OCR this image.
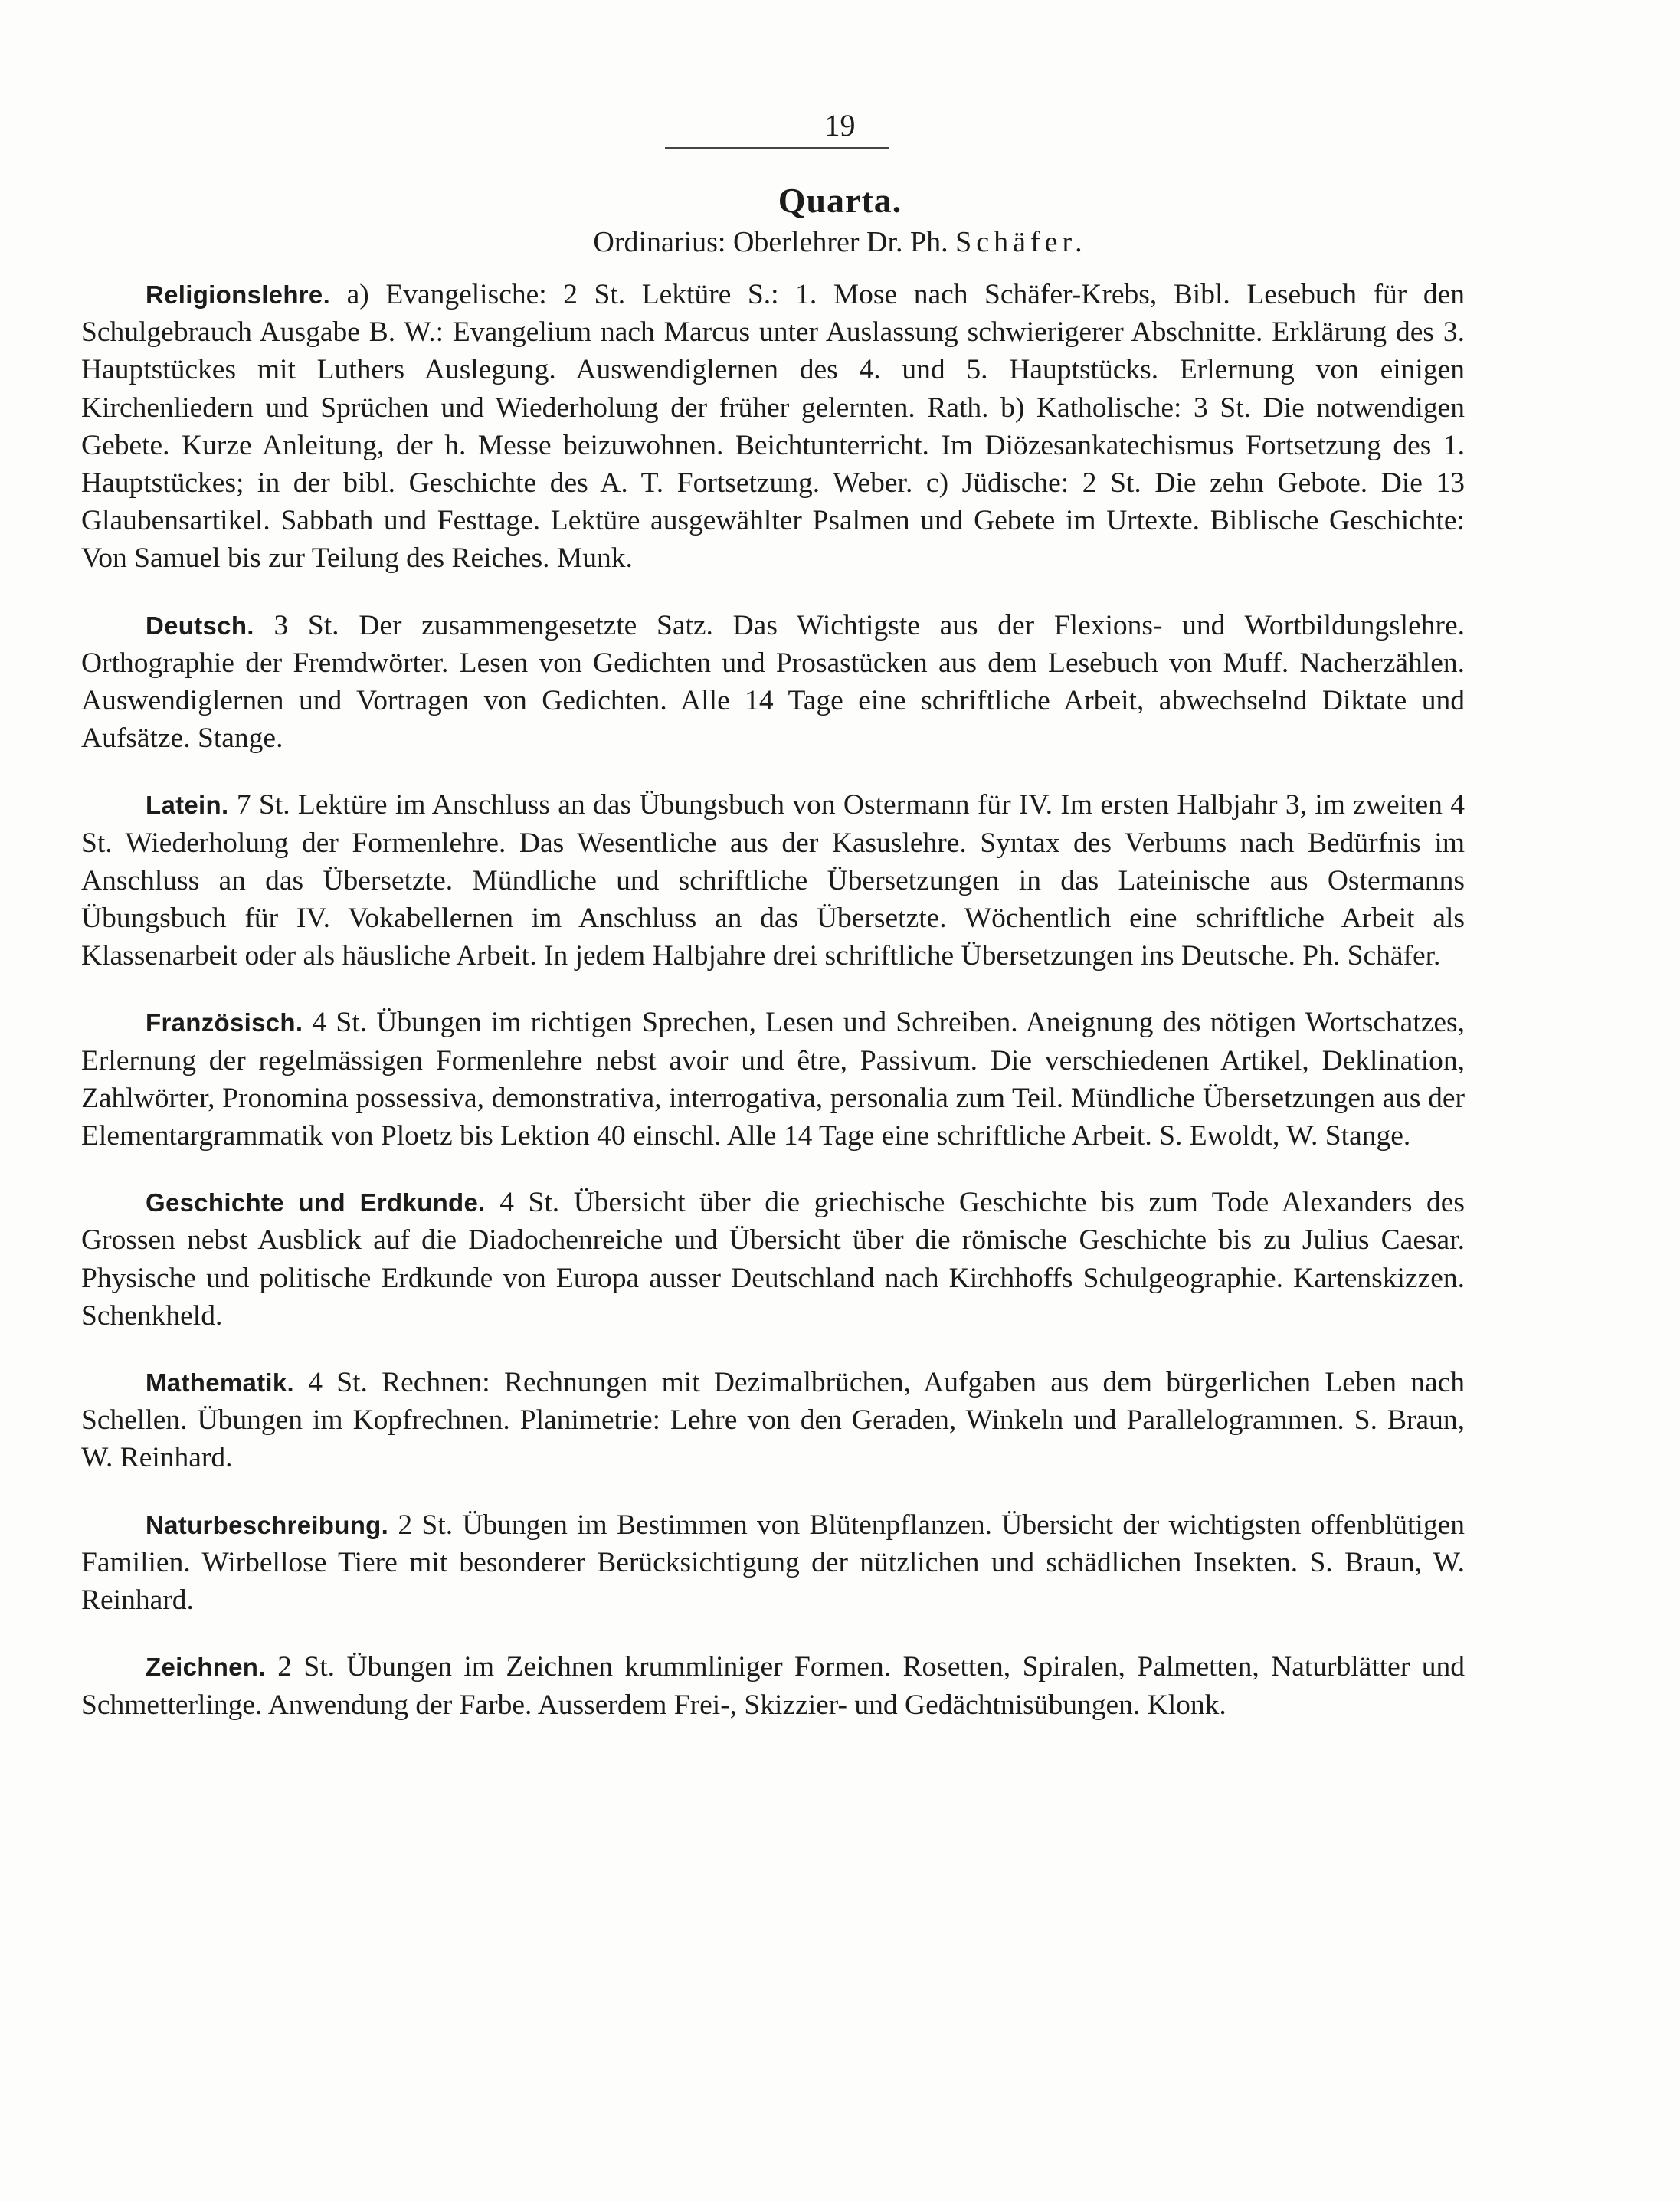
19
Quarta.
Ordinarius: Oberlehrer Dr. Ph. Schäfer.

Religionslehre. a) Evangelische: 2 St. Lektüre S.: 1. Mose nach Schäfer-Krebs, Bibl. Lesebuch für den Schulgebrauch Ausgabe B. W.: Evangelium nach Marcus unter Auslassung schwierigerer Abschnitte. Erklärung des 3. Hauptstückes mit Luthers Auslegung. Auswendiglernen des 4. und 5. Hauptstücks. Erlernung von einigen Kirchenliedern und Sprüchen und Wiederholung der früher gelernten. Rath. b) Katholische: 3 St. Die notwendigen Gebete. Kurze Anleitung, der h. Messe beizuwohnen. Beichtunterricht. Im Diözesankatechismus Fortsetzung des 1. Hauptstückes; in der bibl. Geschichte des A. T. Fortsetzung. Weber. c) Jüdische: 2 St. Die zehn Gebote. Die 13 Glaubensartikel. Sabbath und Festtage. Lektüre ausgewählter Psalmen und Gebete im Urtexte. Biblische Geschichte: Von Samuel bis zur Teilung des Reiches. Munk.

Deutsch. 3 St. Der zusammengesetzte Satz. Das Wichtigste aus der Flexions- und Wortbildungslehre. Orthographie der Fremdwörter. Lesen von Gedichten und Prosastücken aus dem Lesebuch von Muff. Nacherzählen. Auswendiglernen und Vortragen von Gedichten. Alle 14 Tage eine schriftliche Arbeit, abwechselnd Diktate und Aufsätze. Stange.

Latein. 7 St. Lektüre im Anschluss an das Übungsbuch von Ostermann für IV. Im ersten Halbjahr 3, im zweiten 4 St. Wiederholung der Formenlehre. Das Wesentliche aus der Kasuslehre. Syntax des Verbums nach Bedürfnis im Anschluss an das Übersetzte. Mündliche und schriftliche Übersetzungen in das Lateinische aus Ostermanns Übungsbuch für IV. Vokabellernen im Anschluss an das Übersetzte. Wöchentlich eine schriftliche Arbeit als Klassenarbeit oder als häusliche Arbeit. In jedem Halbjahre drei schriftliche Übersetzungen ins Deutsche. Ph. Schäfer.

Französisch. 4 St. Übungen im richtigen Sprechen, Lesen und Schreiben. Aneignung des nötigen Wortschatzes, Erlernung der regelmässigen Formenlehre nebst avoir und être, Passivum. Die verschiedenen Artikel, Deklination, Zahlwörter, Pronomina possessiva, demonstrativa, interrogativa, personalia zum Teil. Mündliche Übersetzungen aus der Elementargrammatik von Ploetz bis Lektion 40 einschl. Alle 14 Tage eine schriftliche Arbeit. S. Ewoldt, W. Stange.

Geschichte und Erdkunde. 4 St. Übersicht über die griechische Geschichte bis zum Tode Alexanders des Grossen nebst Ausblick auf die Diadochenreiche und Übersicht über die römische Geschichte bis zu Julius Caesar. Physische und politische Erdkunde von Europa ausser Deutschland nach Kirchhoffs Schulgeographie. Kartenskizzen. Schenkheld.

Mathematik. 4 St. Rechnen: Rechnungen mit Dezimalbrüchen, Aufgaben aus dem bürgerlichen Leben nach Schellen. Übungen im Kopfrechnen. Planimetrie: Lehre von den Geraden, Winkeln und Parallelogrammen. S. Braun, W. Reinhard.

Naturbeschreibung. 2 St. Übungen im Bestimmen von Blütenpflanzen. Übersicht der wichtigsten offenblütigen Familien. Wirbellose Tiere mit besonderer Berücksichtigung der nützlichen und schädlichen Insekten. S. Braun, W. Reinhard.

Zeichnen. 2 St. Übungen im Zeichnen krummliniger Formen. Rosetten, Spiralen, Palmetten, Naturblätter und Schmetterlinge. Anwendung der Farbe. Ausserdem Frei-, Skizzier- und Gedächtnisübungen. Klonk.
